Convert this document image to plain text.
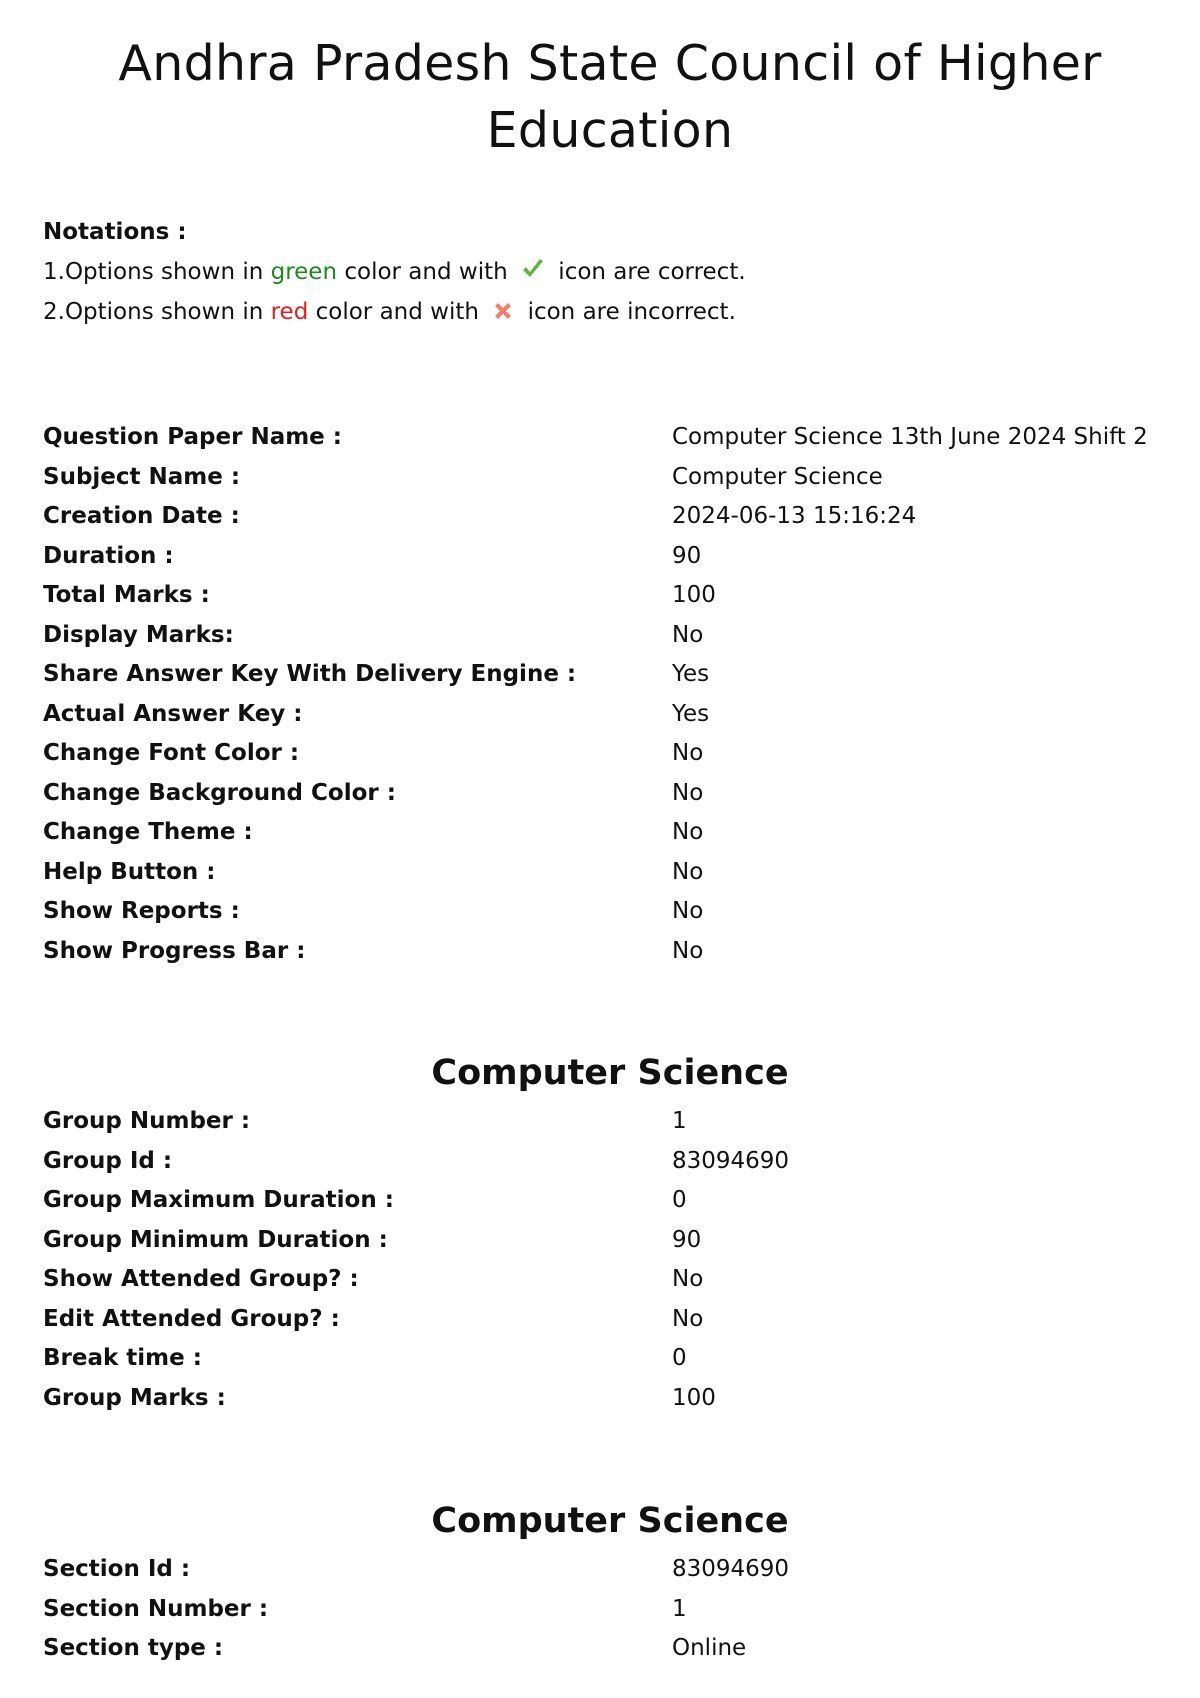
Andhra Pradesh State Council of Higher Education
Notations :
1.Options shown in green color and with  icon are correct.
2.Options shown in red color and with  icon are incorrect.
Question Paper Name :	Computer Science 13th June 2024 Shift 2
Subject Name :	Computer Science
Creation Date :	2024-06-13 15:16:24
Duration :	90
Total Marks :	100
Display Marks:	No
Share Answer Key With Delivery Engine :	Yes
Actual Answer Key :	Yes
Change Font Color :	No
Change Background Color :	No
Change Theme :	No
Help Button :	No
Show Reports :	No
Show Progress Bar :	No
Computer Science
Group Number :	1
Group Id :	83094690
Group Maximum Duration :	0
Group Minimum Duration :	90
Show Attended Group? :	No
Edit Attended Group? :	No
Break time :	0
Group Marks :	100
Computer Science
Section Id :	83094690
Section Number :	1
Section type :	Online
